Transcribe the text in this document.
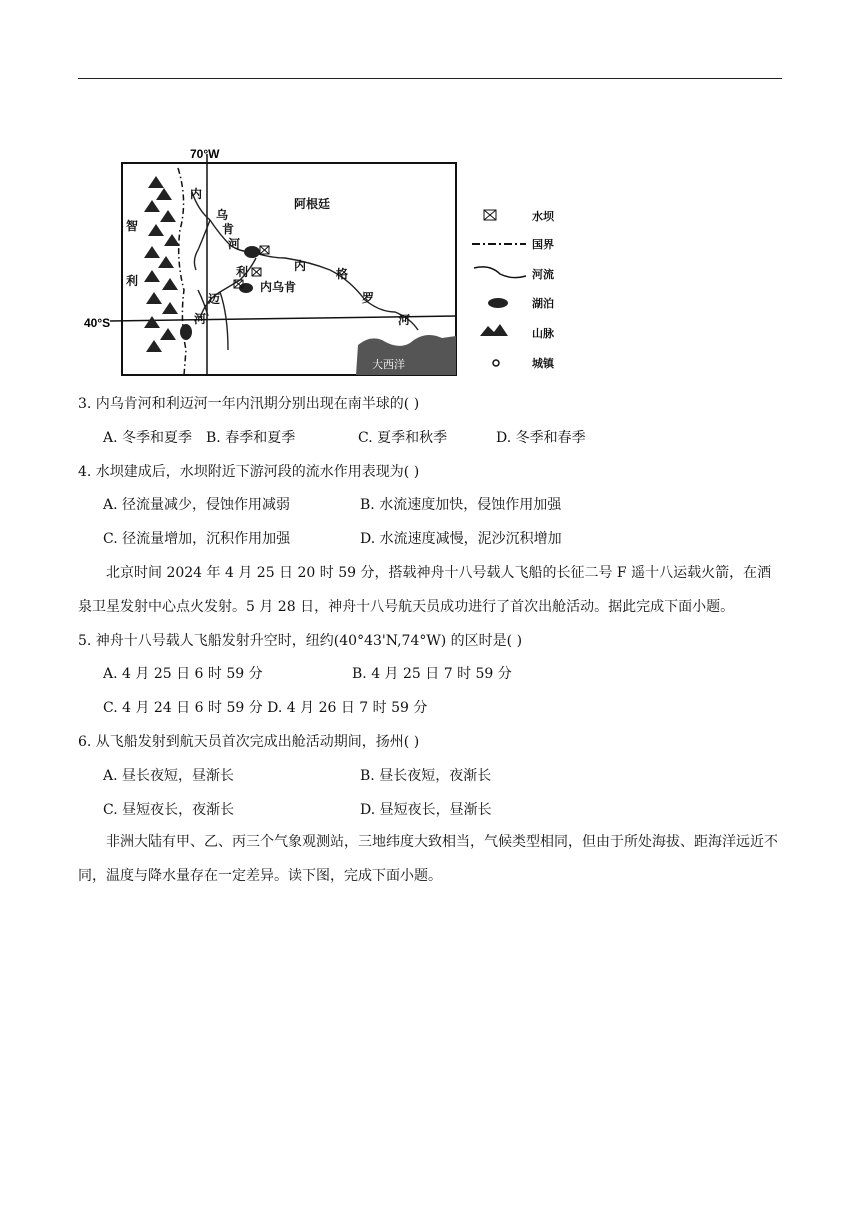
70°W
40°S
大西洋
阿根廷
智
利
内
乌
肯
河
利
迈
河
内乌肯
内
格
罗
河
水坝
国界
河流
湖泊
山脉
城镇
3. 内乌肯河和利迈河一年内汛期分别出现在南半球的( )
A. 冬季和夏季 B. 春季和夏季	C. 夏季和秋季	D. 冬季和春季
4. 水坝建成后，水坝附近下游河段的流水作用表现为( )
A. 径流量减少，侵蚀作用减弱	B. 水流速度加快，侵蚀作用加强
C. 径流量增加，沉积作用加强	D. 水流速度减慢，泥沙沉积增加
北京时间 2024 年 4 月 25 日 20 时 59 分，搭载神舟十八号载人飞船的长征二号 F 遥十八运载火箭，在酒泉卫星发射中心点火发射。5 月 28 日，神舟十八号航天员成功进行了首次出舱活动。据此完成下面小题。
5. 神舟十八号载人飞船发射升空时，纽约(40°43'N,74°W) 的区时是( )
A. 4 月 25 日 6 时 59 分	B. 4 月 25 日 7 时 59 分
C. 4 月 24 日 6 时 59 分 D. 4 月 26 日 7 时 59 分
6. 从飞船发射到航天员首次完成出舱活动期间，扬州( )
A. 昼长夜短，昼渐长	B. 昼长夜短，夜渐长
C. 昼短夜长，夜渐长	D. 昼短夜长，昼渐长
非洲大陆有甲、乙、丙三个气象观测站，三地纬度大致相当，气候类型相同，但由于所处海拔、距海洋远近不同，温度与降水量存在一定差异。读下图，完成下面小题。
